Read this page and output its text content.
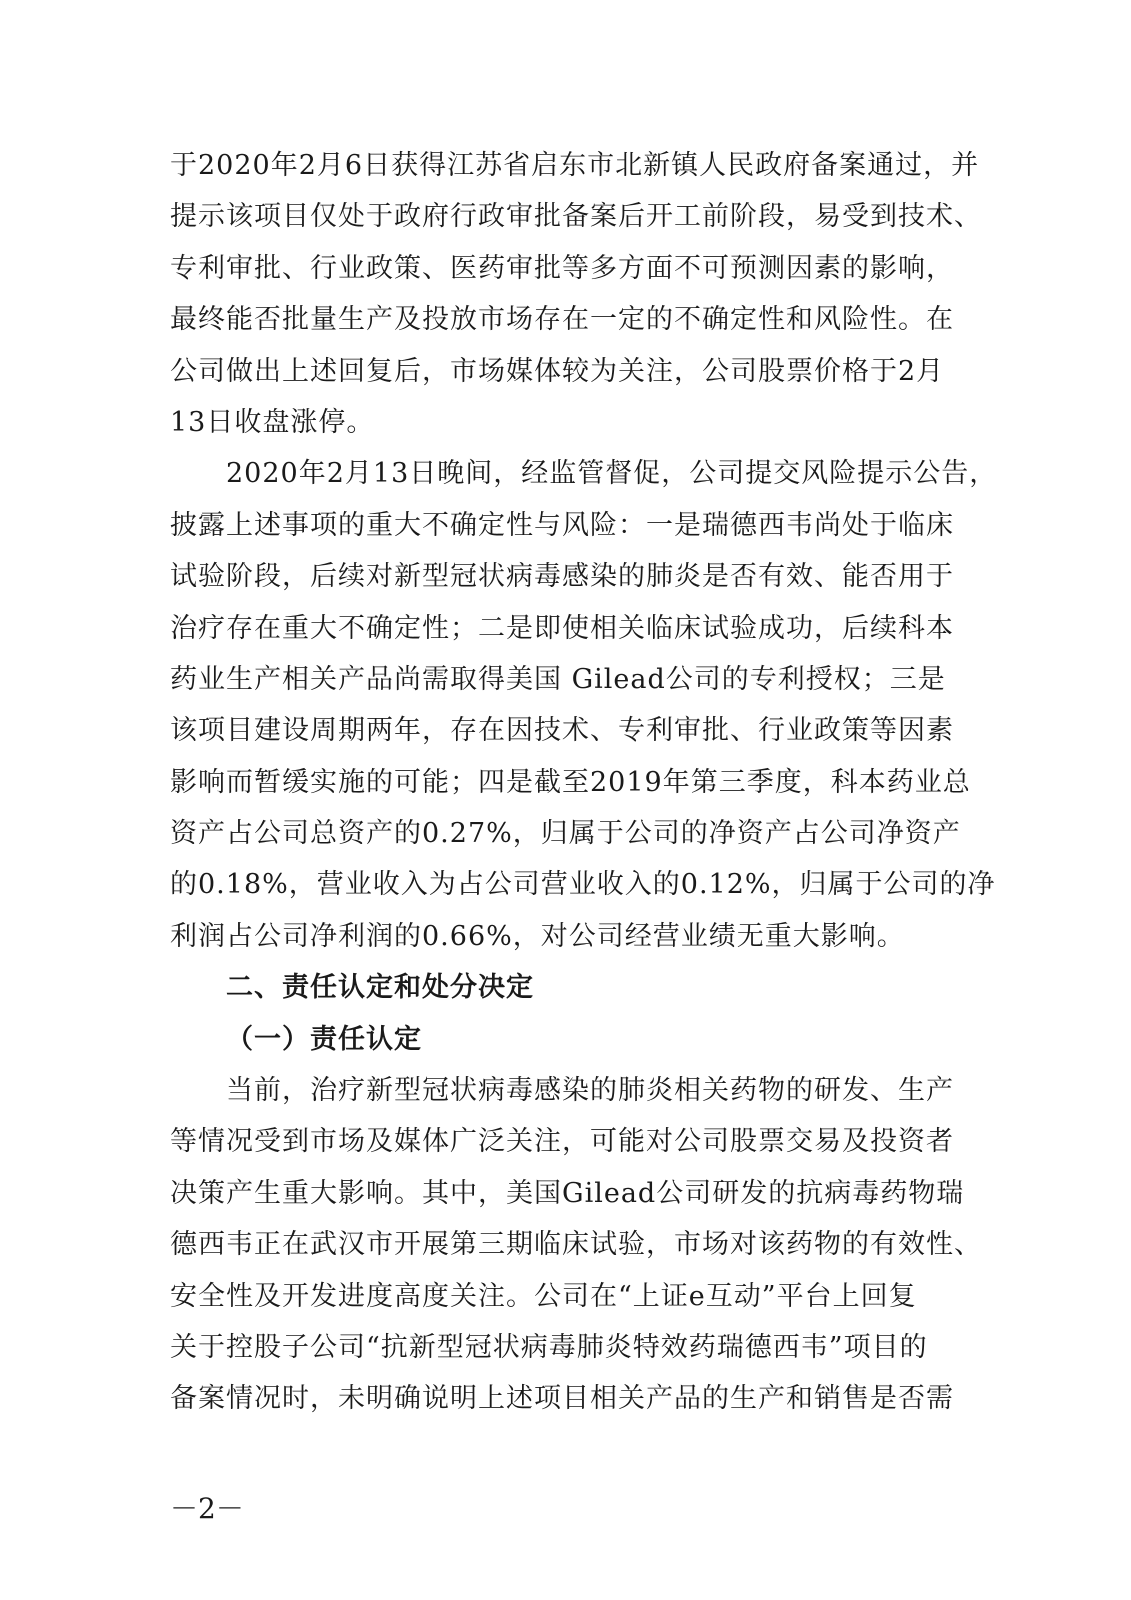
于2020年2月6日获得江苏省启东市北新镇人民政府备案通过，并
提示该项目仅处于政府行政审批备案后开工前阶段，易受到技术、
专利审批、行业政策、医药审批等多方面不可预测因素的影响，
最终能否批量生产及投放市场存在一定的不确定性和风险性。在
公司做出上述回复后，市场媒体较为关注，公司股票价格于2月
13日收盘涨停。
2020年2月13日晚间，经监管督促，公司提交风险提示公告，
披露上述事项的重大不确定性与风险：一是瑞德西韦尚处于临床
试验阶段，后续对新型冠状病毒感染的肺炎是否有效、能否用于
治疗存在重大不确定性；二是即使相关临床试验成功，后续科本
药业生产相关产品尚需取得美国 Gilead公司的专利授权；三是
该项目建设周期两年，存在因技术、专利审批、行业政策等因素
影响而暂缓实施的可能；四是截至2019年第三季度，科本药业总
资产占公司总资产的0.27%，归属于公司的净资产占公司净资产
的0.18%，营业收入为占公司营业收入的0.12%，归属于公司的净
利润占公司净利润的0.66%，对公司经营业绩无重大影响。
二、责任认定和处分决定
（一）责任认定
当前，治疗新型冠状病毒感染的肺炎相关药物的研发、生产
等情况受到市场及媒体广泛关注，可能对公司股票交易及投资者
决策产生重大影响。其中，美国Gilead公司研发的抗病毒药物瑞
德西韦正在武汉市开展第三期临床试验，市场对该药物的有效性、
安全性及开发进度高度关注。公司在“上证e互动”平台上回复
关于控股子公司“抗新型冠状病毒肺炎特效药瑞德西韦”项目的
备案情况时，未明确说明上述项目相关产品的生产和销售是否需
－2－
